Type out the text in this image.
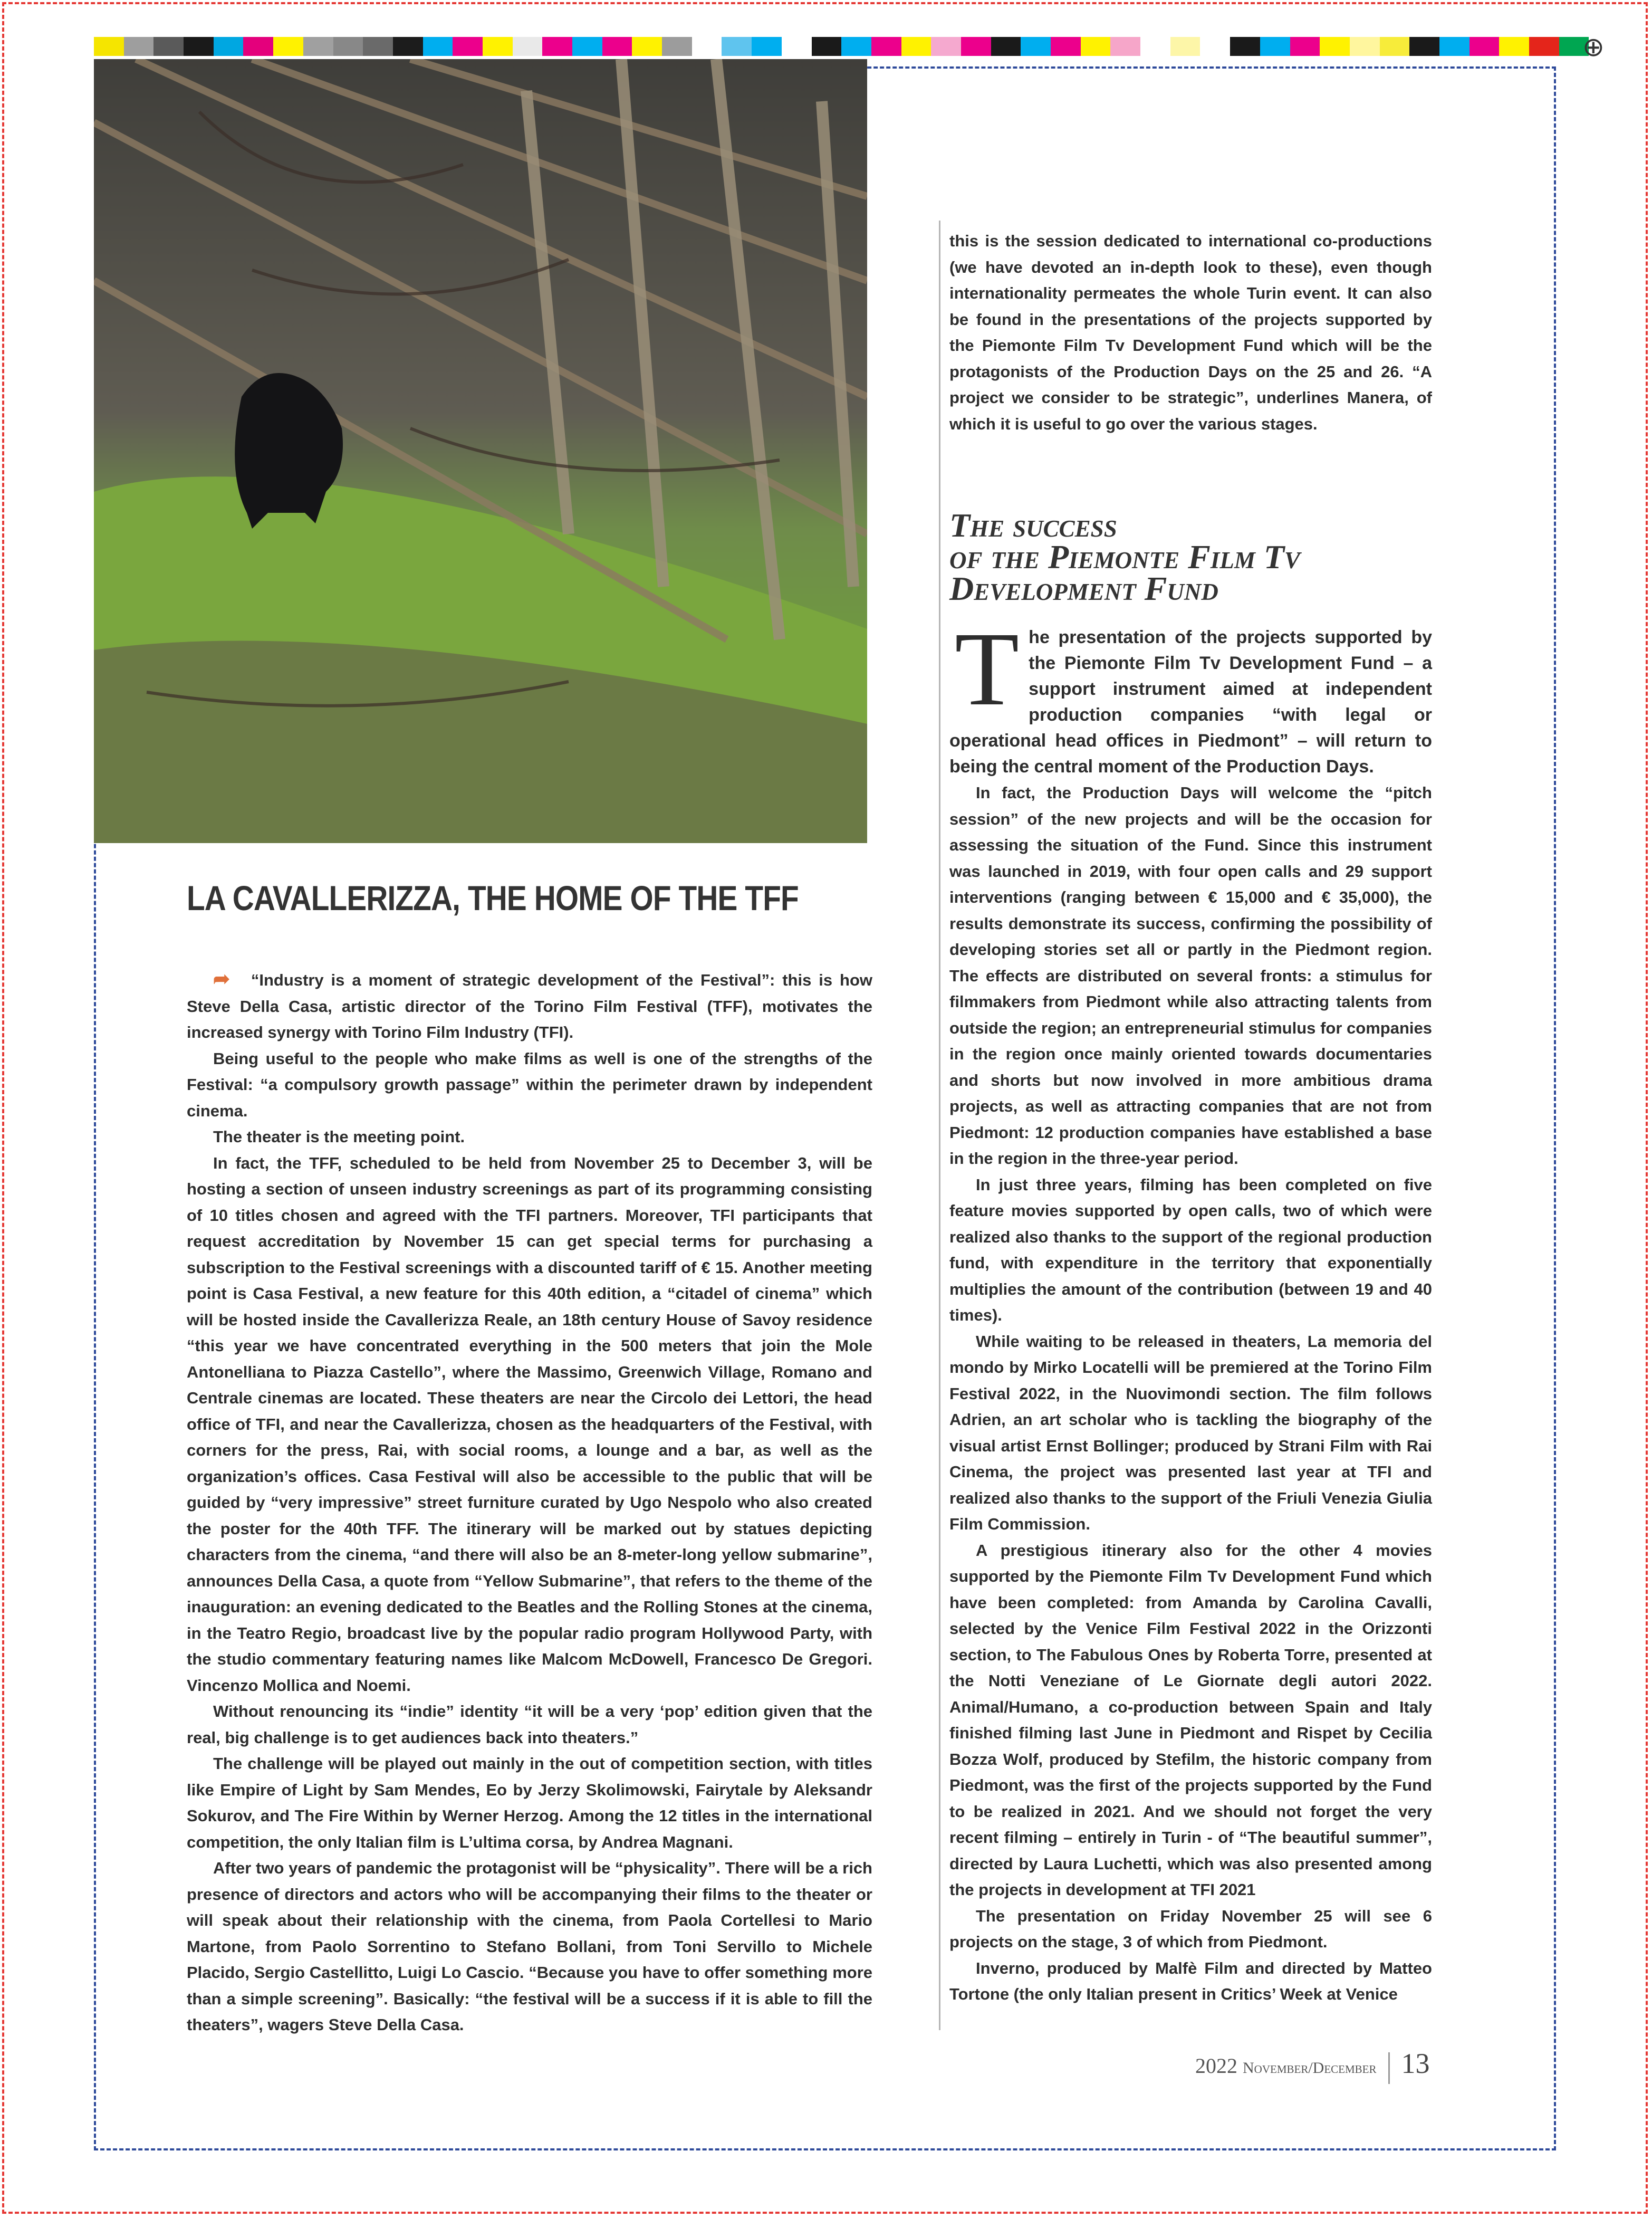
⊕
LA CAVALLERIZZA, THE HOME OF THE TFF

➦ “Industry is a moment of strategic development of the Festival”: this is how Steve Della Casa, artistic director of the Torino Film Festival (TFF), motivates the increased synergy with Torino Film Industry (TFI).

Being useful to the people who make films as well is one of the strengths of the Festival: “a compulsory growth passage” within the perimeter drawn by independent cinema.

The theater is the meeting point.

In fact, the TFF, scheduled to be held from November 25 to December 3, will be hosting a section of unseen industry screenings as part of its programming consisting of 10 titles chosen and agreed with the TFI partners. Moreover, TFI participants that request accreditation by November 15 can get special terms for purchasing a subscription to the Festival screenings with a discounted tariff of € 15. Another meeting point is Casa Festival, a new feature for this 40th edition, a “citadel of cinema” which will be hosted inside the Cavallerizza Reale, an 18th century House of Savoy residence “this year we have concentrated everything in the 500 meters that join the Mole Antonelliana to Piazza Castello”, where the Massimo, Greenwich Village, Romano and Centrale cinemas are located. These theaters are near the Circolo dei Lettori, the head office of TFI, and near the Cavallerizza, chosen as the headquarters of the Festival, with corners for the press, Rai, with social rooms, a lounge and a bar, as well as the organization’s offices. Casa Festival will also be accessible to the public that will be guided by “very impressive” street furniture curated by Ugo Nespolo who also created the poster for the 40th TFF. The itinerary will be marked out by statues depicting characters from the cinema, “and there will also be an 8-meter-long yellow submarine”, announces Della Casa, a quote from “Yellow Submarine”, that refers to the theme of the inauguration: an evening dedicated to the Beatles and the Rolling Stones at the cinema, in the Teatro Regio, broadcast live by the popular radio program Hollywood Party, with the studio commentary featuring names like Malcom McDowell, Francesco De Gregori. Vincenzo Mollica and Noemi.

Without renouncing its “indie” identity “it will be a very ‘pop’ edition given that the real, big challenge is to get audiences back into theaters.”

The challenge will be played out mainly in the out of competition section, with titles like Empire of Light by Sam Mendes, Eo by Jerzy Skolimowski, Fairytale by Aleksandr Sokurov, and The Fire Within by Werner Herzog. Among the 12 titles in the international competition, the only Italian film is L’ultima corsa, by Andrea Magnani.

After two years of pandemic the protagonist will be “physicality”. There will be a rich presence of directors and actors who will be accompanying their films to the theater or will speak about their relationship with the cinema, from Paola Cortellesi to Mario Martone, from Paolo Sorrentino to Stefano Bollani, from Toni Servillo to Michele Placido, Sergio Castellitto, Luigi Lo Cascio. “Because you have to offer something more than a simple screening”. Basically: “the festival will be a success if it is able to fill the theaters”, wagers Steve Della Casa.

this is the session dedicated to international co-productions (we have devoted an in-depth look to these), even though internationality permeates the whole Turin event. It can also be found in the presentations of the projects supported by the Piemonte Film Tv Development Fund which will be the protagonists of the Production Days on the 25 and 26. “A project we consider to be strategic”, underlines Manera, of which it is useful to go over the various stages.

The success
of the Piemonte Film Tv
Development Fund

The presentation of the projects supported by the Piemonte Film Tv Development Fund – a support instrument aimed at independent production companies “with legal or operational head offices in Piedmont” – will return to being the central moment of the Production Days.

In fact, the Production Days will welcome the “pitch session” of the new projects and will be the occasion for assessing the situation of the Fund. Since this instrument was launched in 2019, with four open calls and 29 support interventions (ranging between € 15,000 and € 35,000), the results demonstrate its success, confirming the possibility of developing stories set all or partly in the Piedmont region. The effects are distributed on several fronts: a stimulus for filmmakers from Piedmont while also attracting talents from outside the region; an entrepreneurial stimulus for companies in the region once mainly oriented towards documentaries and shorts but now involved in more ambitious drama projects, as well as attracting companies that are not from Piedmont: 12 production companies have established a base in the region in the three-year period.

In just three years, filming has been completed on five feature movies supported by open calls, two of which were realized also thanks to the support of the regional production fund, with expenditure in the territory that exponentially multiplies the amount of the contribution (between 19 and 40 times).

While waiting to be released in theaters, La memoria del mondo by Mirko Locatelli will be premiered at the Torino Film Festival 2022, in the Nuovimondi section. The film follows Adrien, an art scholar who is tackling the biography of the visual artist Ernst Bollinger; produced by Strani Film with Rai Cinema, the project was presented last year at TFI and realized also thanks to the support of the Friuli Venezia Giulia Film Commission.

A prestigious itinerary also for the other 4 movies supported by the Piemonte Film Tv Development Fund which have been completed: from Amanda by Carolina Cavalli, selected by the Venice Film Festival 2022 in the Orizzonti section, to The Fabulous Ones by Roberta Torre, presented at the Notti Veneziane of Le Giornate degli autori 2022. Animal/Humano, a co-production between Spain and Italy finished filming last June in Piedmont and Rispet by Cecilia Bozza Wolf, produced by Stefilm, the historic company from Piedmont, was the first of the projects supported by the Fund to be realized in 2021. And we should not forget the very recent filming – entirely in Turin - of “The beautiful summer”, directed by Laura Luchetti, which was also presented among the projects in development at TFI 2021

The presentation on Friday November 25 will see 6 projects on the stage, 3 of which from Piedmont.

Inverno, produced by Malfè Film and directed by Matteo Tortone (the only Italian present in Critics’ Week at Venice

2022 November/December 13
